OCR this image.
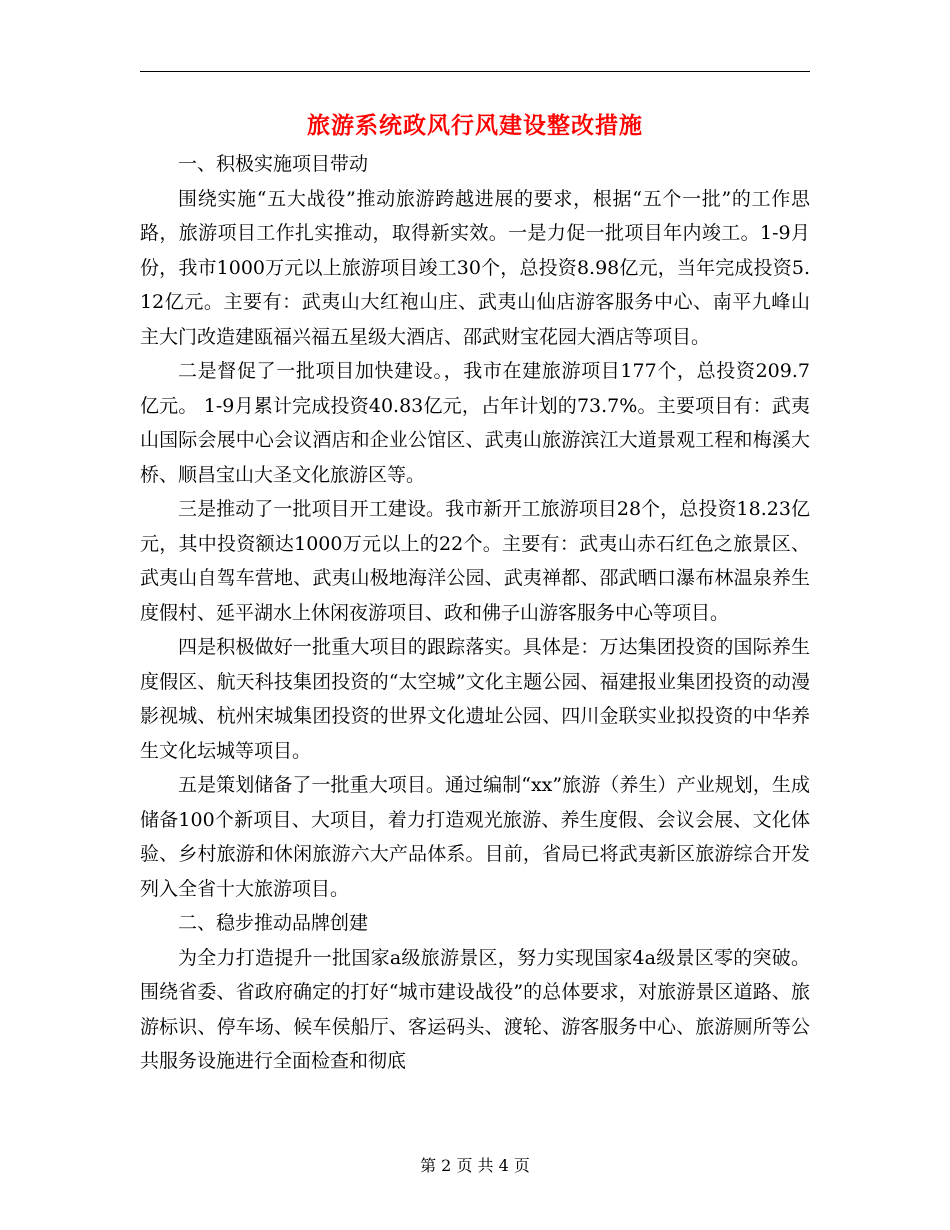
旅游系统政风行风建设整改措施

一、积极实施项目带动

围绕实施“五大战役”推动旅游跨越进展的要求，根据“五个一批”的工作思路，旅游项目工作扎实推动，取得新实效。一是力促一批项目年内竣工。1-9月份，我市1000万元以上旅游项目竣工30个，总投资8.98亿元，当年完成投资5.12亿元。主要有：武夷山大红袍山庄、武夷山仙店游客服务中心、南平九峰山主大门改造建瓯福兴福五星级大酒店、邵武财宝花园大酒店等项目。

二是督促了一批项目加快建设。，我市在建旅游项目177个，总投资209.7亿元。 1-9月累计完成投资40.83亿元，占年计划的73.7%。主要项目有：武夷山国际会展中心会议酒店和企业公馆区、武夷山旅游滨江大道景观工程和梅溪大桥、顺昌宝山大圣文化旅游区等。

三是推动了一批项目开工建设。我市新开工旅游项目28个，总投资18.23亿元，其中投资额达1000万元以上的22个。主要有：武夷山赤石红色之旅景区、武夷山自驾车营地、武夷山极地海洋公园、武夷禅都、邵武晒口瀑布林温泉养生度假村、延平湖水上休闲夜游项目、政和佛子山游客服务中心等项目。

四是积极做好一批重大项目的跟踪落实。具体是：万达集团投资的国际养生度假区、航天科技集团投资的“太空城”文化主题公园、福建报业集团投资的动漫影视城、杭州宋城集团投资的世界文化遗址公园、四川金联实业拟投资的中华养生文化坛城等项目。

五是策划储备了一批重大项目。通过编制“xx”旅游（养生）产业规划，生成储备100个新项目、大项目，着力打造观光旅游、养生度假、会议会展、文化体验、乡村旅游和休闲旅游六大产品体系。目前，省局已将武夷新区旅游综合开发列入全省十大旅游项目。

二、稳步推动品牌创建

为全力打造提升一批国家a级旅游景区，努力实现国家4a级景区零的突破。围绕省委、省政府确定的打好“城市建设战役”的总体要求，对旅游景区道路、旅游标识、停车场、候车侯船厅、客运码头、渡轮、游客服务中心、旅游厕所等公共服务设施进行全面检查和彻底

第 2 页 共 4 页
